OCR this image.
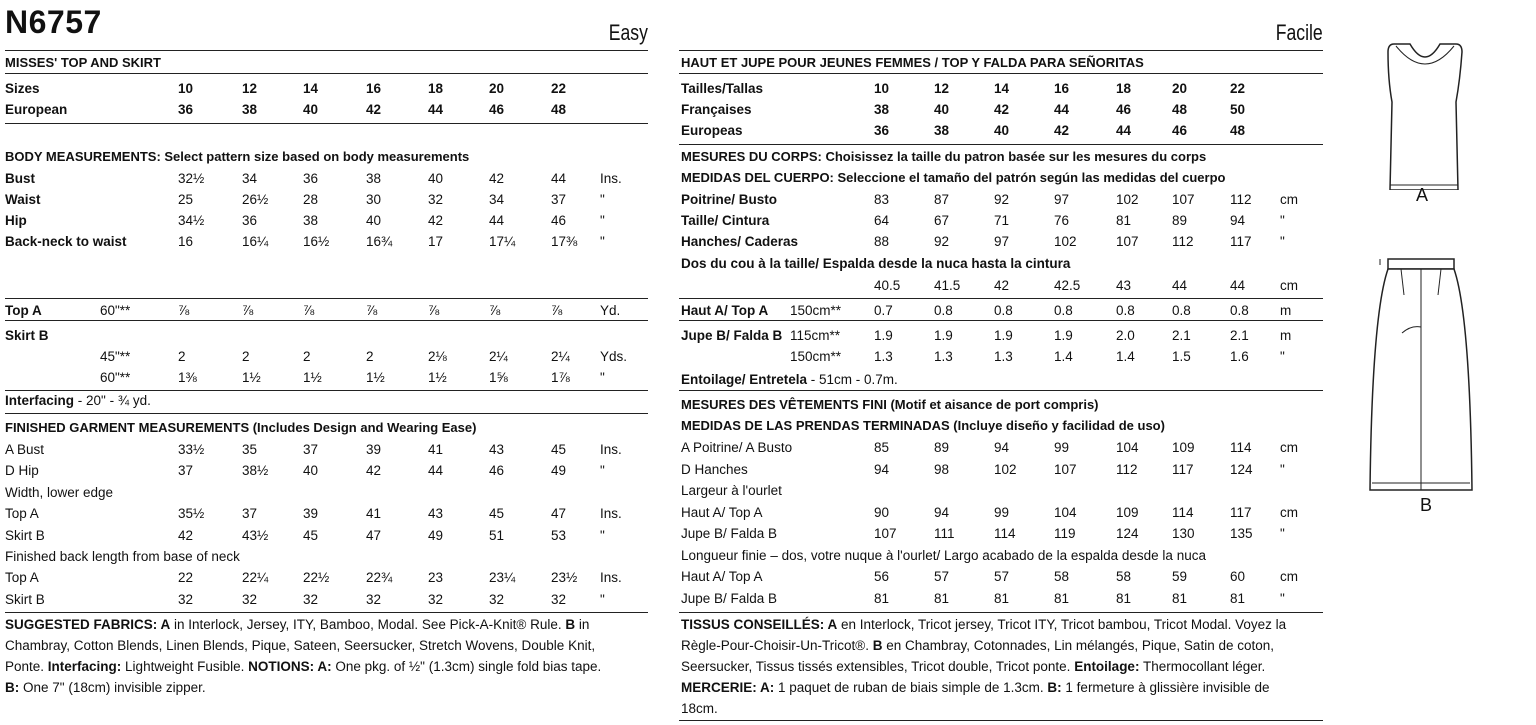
N6757	Easy
MISSES' TOP AND SKIRT
Sizes	10	12	14	16	18	20	22
European	36	38	40	42	44	46	48
BODY MEASUREMENTS: Select pattern size based on body measurements
Bust	32½	34	36	38	40	42	44	Ins.
Waist	25	26½	28	30	32	34	37	"
Hip	34½	36	38	40	42	44	46	"
Back-neck to waist	16	16¼	16½	16¾	17	17¼	17⅜ "
Top A	60"**	⅞	⅞	⅞	⅞	⅞	⅞	⅞	Yd.
Skirt B
45"**	2	2	2	2	2⅛	2¼	2¼ Yds.
60"**	1⅜	1½	1½	1½	1½	1⅝	1⅞ "
Interfacing - 20" - ¾ yd.
FINISHED GARMENT MEASUREMENTS (Includes Design and Wearing Ease)
A Bust	33½	35	37	39	41	43	45	Ins.
D Hip	37	38½	40	42	44	46	49	"
Width, lower edge
Top A	35½	37	39	41	43	45	47	Ins.
Skirt B	42	43½	45	47	49	51	53	"
Finished back length from base of neck
Top A	22	22¼	22½	22¾	23	23¼	23½ Ins.
Skirt B	32	32	32	32	32	32	32	"
SUGGESTED FABRICS: A in Interlock, Jersey, ITY, Bamboo, Modal. See Pick-A-Knit® Rule. B in
Chambray, Cotton Blends, Linen Blends, Pique, Sateen, Seersucker, Stretch Wovens, Double Knit,
Ponte. Interfacing: Lightweight Fusible. NOTIONS: A: One pkg. of ½" (1.3cm) single fold bias tape.
B: One 7" (18cm) invisible zipper.
Facile
HAUT ET JUPE POUR JEUNES FEMMES / TOP Y FALDA PARA SEÑORITAS
Tailles/Tallas	10	12	14	16	18	20	22
Françaises	38	40	42	44	46	48	50
Europeas	36	38	40	42	44	46	48
MESURES DU CORPS: Choisissez la taille du patron basée sur les mesures du corps
MEDIDAS DEL CUERPO: Seleccione el tamaño del patrón según las medidas del cuerpo
Poitrine/ Busto	83	87	92	97	102 107	112 cm
Taille/ Cintura	64	67	71	76	81	89	94	"
Hanches/ Caderas	88	92	97	102	107 112	117 "
Dos du cou à la taille/ Espalda desde la nuca hasta la cintura
40.5 41.5 42	42.5	43	44	44	cm
Haut A/ Top A 150cm** 0.7	0.8	0.8	0.8	0.8	0.8	0.8 m
Jupe B/ Falda B 115cm**	1.9	1.9	1.9	1.9	2.0	2.1	2.1 m
150cm** 1.3	1.3	1.3	1.4	1.4	1.5	1.6 "
Entoilage/ Entretela - 51cm - 0.7m.
MESURES DES VÊTEMENTS FINI (Motif et aisance de port compris)
MEDIDAS DE LAS PRENDAS TERMINADAS (Incluye diseño y facilidad de uso)
A Poitrine/ A Busto	85	89	94	99	104 109	114 cm
D Hanches	94	98	102	107	112	117	124 "
Largeur à l'ourlet
Haut A/ Top A	90	94	99	104	109 114	117 cm
Jupe B/ Falda B	107	111	114	119	124 130	135 "
Longueur finie – dos, votre nuque à l'ourlet/ Largo acabado de la espalda desde la nuca
Haut A/ Top A	56	57	57	58	58	59	60	cm
Jupe B/ Falda B	81	81	81	81	81	81	81	"
TISSUS CONSEILLÉS: A en Interlock, Tricot jersey, Tricot ITY, Tricot bambou, Tricot Modal. Voyez la
Règle-Pour-Choisir-Un-Tricot®. B en Chambray, Cotonnades, Lin mélangés, Pique, Satin de coton,
Seersucker, Tissus tissés extensibles, Tricot double, Tricot ponte. Entoilage: Thermocollant léger.
MERCERIE: A: 1 paquet de ruban de biais simple de 1.3cm. B: 1 fermeture à glissière invisible de
18cm.
A
B
